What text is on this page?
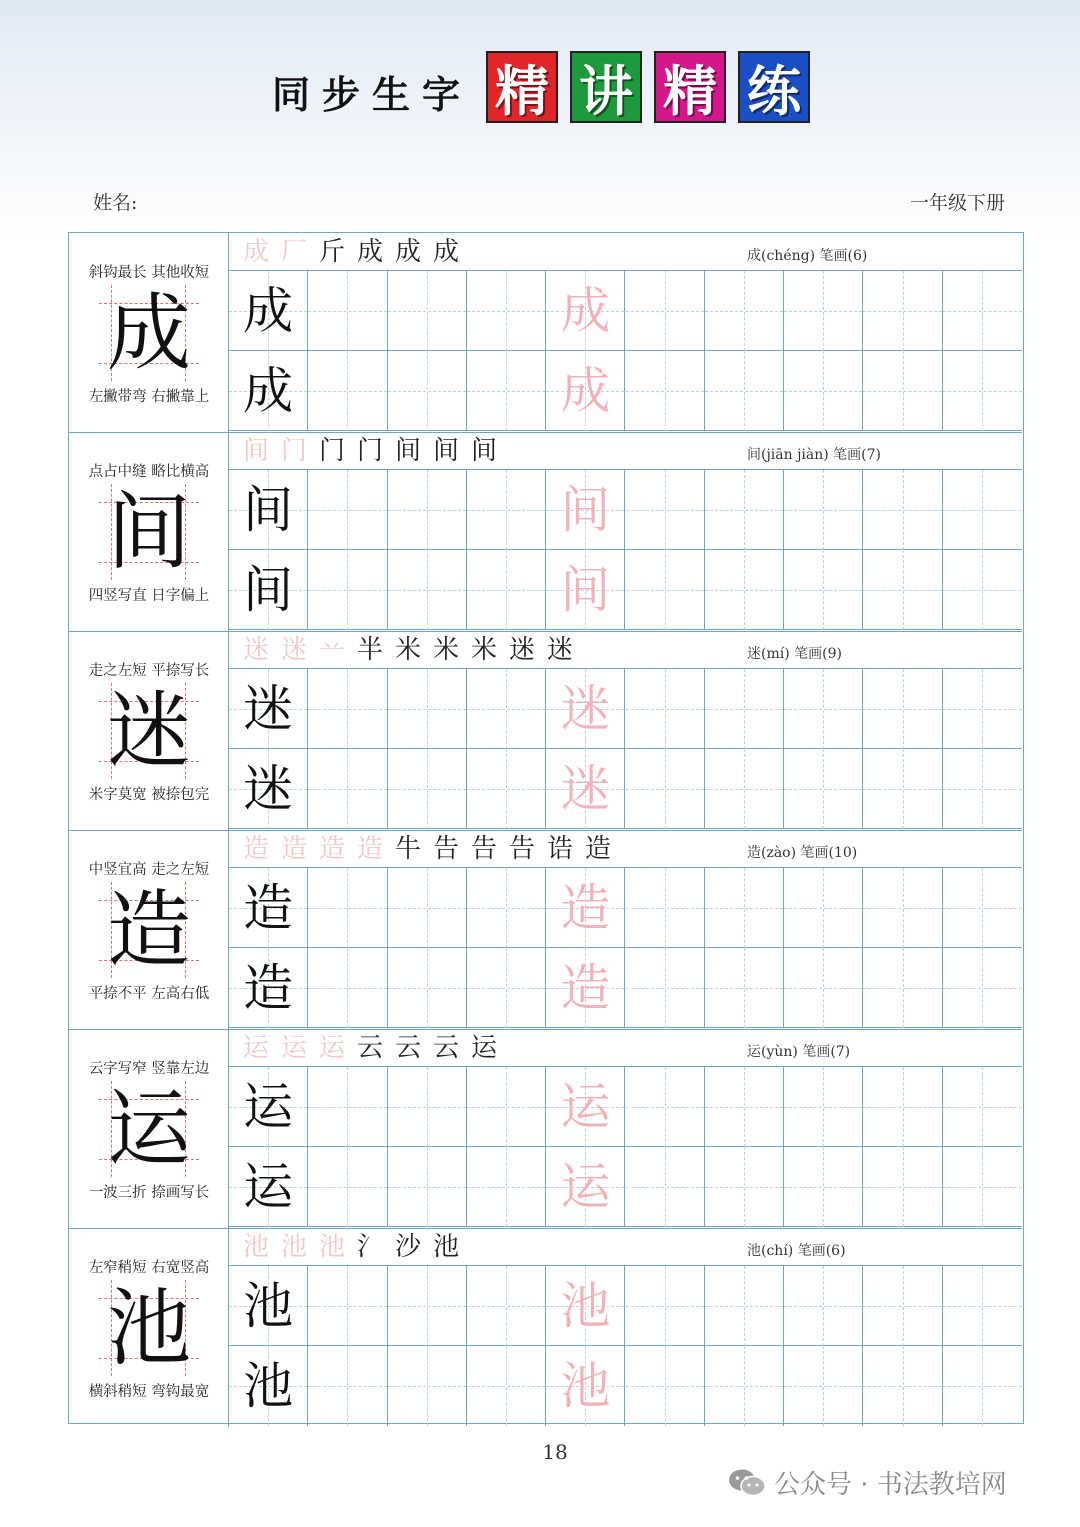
同步生字 精 讲 精 练
姓名:	一年级下册
斜钩最长 其他收短
成
左撇带弯 右撇靠上
成 厂 斤 成 成 成	成(chéng) 笔画(6)
成	成
成	成
点占中缝 略比横高
间
四竖写直 日字偏上
间 门 门 门 间 间 间	间(jiān jiàn) 笔画(7)
间	间
间	间
走之左短 平捺写长
迷
米字莫宽 被捺包完
迷 迷 䒑 半 米 米 米 迷 迷	迷(mí) 笔画(9)
迷	迷
迷	迷
中竖宜高 走之左短
造
平捺不平 左高右低
造 造 造 造 牛 告 告 告 诰 造	造(zào) 笔画(10)
造	造
造	造
云字写窄 竖靠左边
运
一波三折 捺画写长
运 运 运 云 云 云 运	运(yùn) 笔画(7)
运	运
运	运
左窄稍短 右宽竖高
池
横斜稍短 弯钩最宽
池 池 池 氵 沙 池	池(chí) 笔画(6)
池	池
池	池
18
公众号 · 书法教培网
